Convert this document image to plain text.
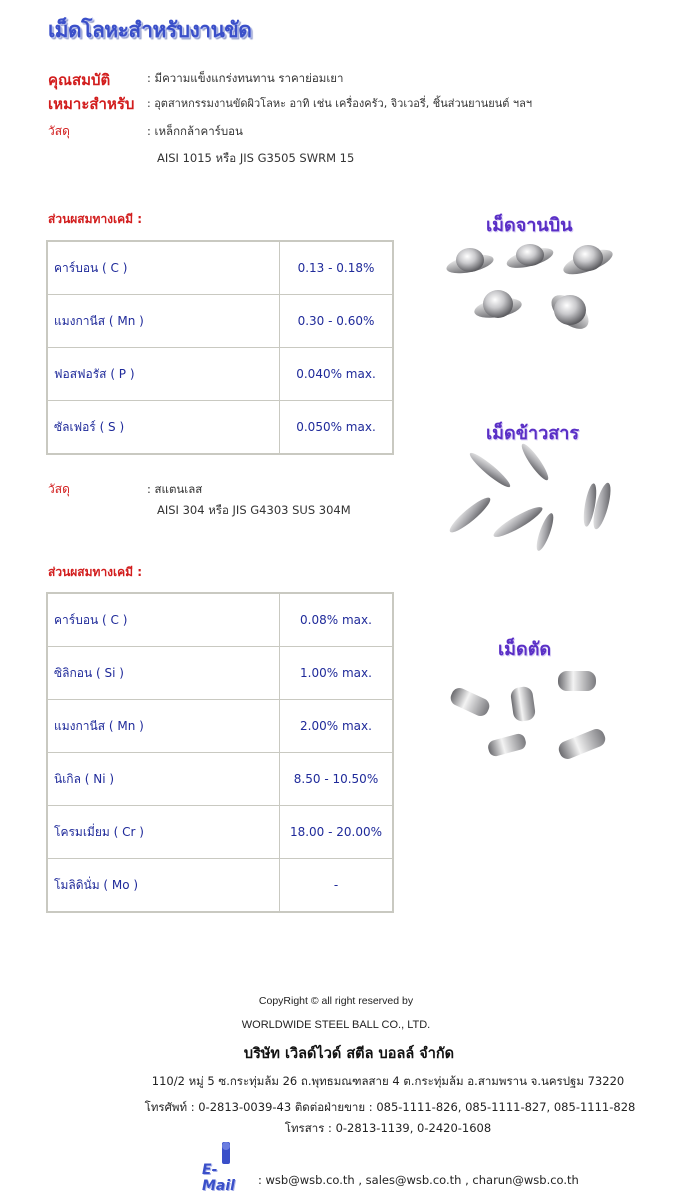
เม็ดโลหะสำหรับงานขัด
คุณสมบัติ	: มีความแข็งแกร่งทนทาน ราคาย่อมเยา
เหมาะสำหรับ : อุตสาหกรรมงานขัดผิวโลหะ อาทิ เช่น เครื่องครัว, จิวเวอรี่, ชิ้นส่วนยานยนต์ ฯลฯ
วัสดุ	: เหล็กกล้าคาร์บอน
AISI 1015 หรือ JIS G3505 SWRM 15
ส่วนผสมทางเคมี :
คาร์บอน ( C )	0.13 - 0.18%
แมงกานีส ( Mn )	0.30 - 0.60%
ฟอสฟอรัส ( P )	0.040% max.
ซัลเฟอร์ ( S )	0.050% max.
วัสดุ	: สแตนเลส
AISI 304 หรือ JIS G4303 SUS 304M
ส่วนผสมทางเคมี :
คาร์บอน ( C )	0.08% max.
ซิลิกอน ( Si )	1.00% max.
แมงกานีส ( Mn )	2.00% max.
นิเกิล ( Ni )	8.50 - 10.50%
โครมเมี่ยม ( Cr )	18.00 - 20.00%
โมลิดินั่ม ( Mo )	-
เม็ดจานบิน
เม็ดข้าวสาร
เม็ดตัด
CopyRight © all right reserved by
WORLDWIDE STEEL BALL CO., LTD.
บริษัท เวิลด์ไวด์ สตีล บอลล์ จำกัด
110/2 หมู่ 5 ซ.กระทุ่มล้ม 26 ถ.พุทธมณฑลสาย 4 ต.กระทุ่มล้ม อ.สามพราน จ.นครปฐม 73220
โทรศัพท์ : 0-2813-0039-43 ติดต่อฝ่ายขาย : 085-1111-826, 085-1111-827, 085-1111-828
โทรสาร : 0-2813-1139, 0-2420-1608
E-Mail	: wsb@wsb.co.th , sales@wsb.co.th , charun@wsb.co.th
